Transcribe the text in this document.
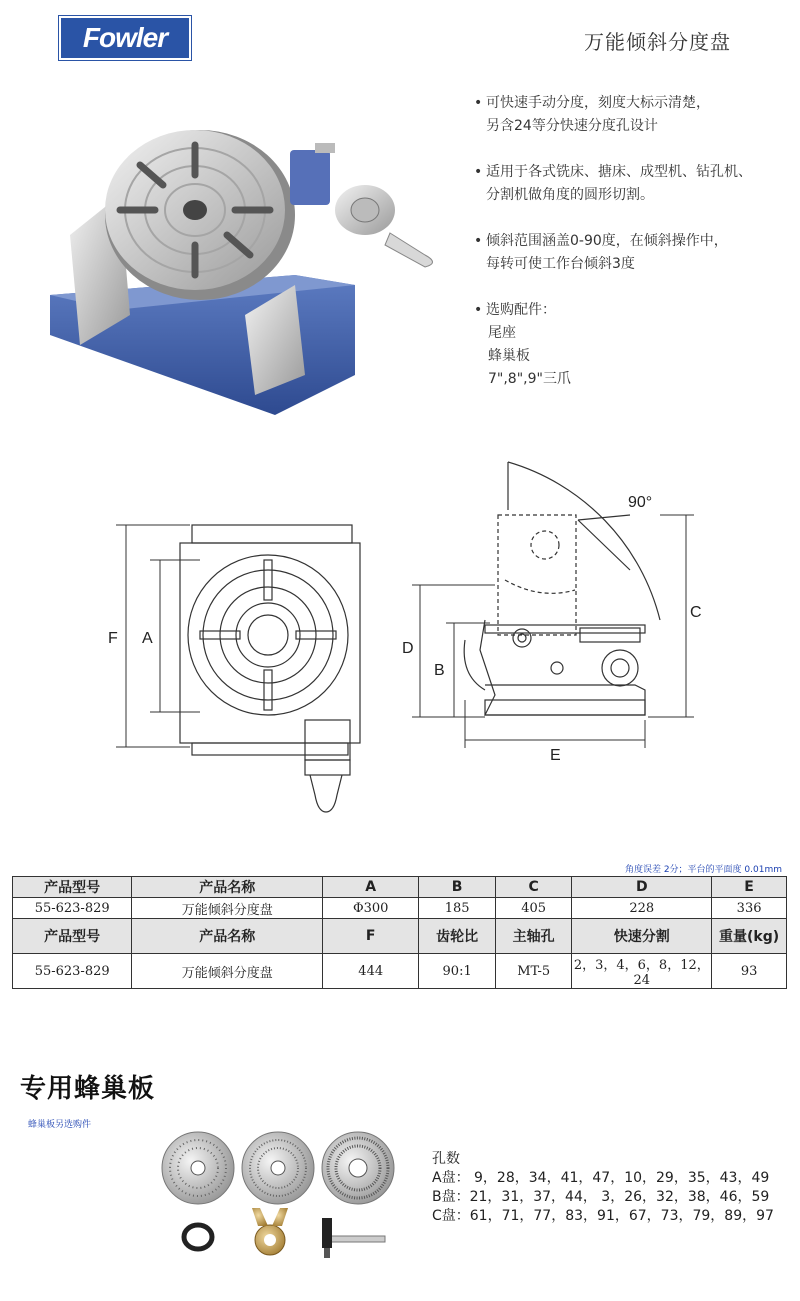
Fowler	万能倾斜分度盘
• 可快速手动分度，刻度大标示清楚，
另含24等分快速分度孔设计
• 适用于各式铣床、搪床、成型机、钻孔机、
分割机做角度的圆形切割。
• 倾斜范围涵盖0-90度，在倾斜操作中，
每转可使工作台倾斜3度
• 选购配件：
尾座
蜂巢板
7",8",9"三爪
F A
D
B
C
E
90°
角度误差 2分；平台的平面度 0.01mm
产品型号	产品名称	A	B	C	D	E
55-623-829	万能倾斜分度盘	Φ300	185	405	228	336
产品型号	产品名称	F	齿轮比	主轴孔	快速分割	重量(kg)
55-623-829	万能倾斜分度盘	444	90:1	MT-5	2，3，4，6，8，12，24	93
专用蜂巢板
蜂巢板另选购件
孔数
A盘： 9，28，34，41，47，10，29，35，43，49
B盘：21，31，37，44， 3，26，32，38，46，59
C盘：61，71，77，83，91，67，73，79，89，97
